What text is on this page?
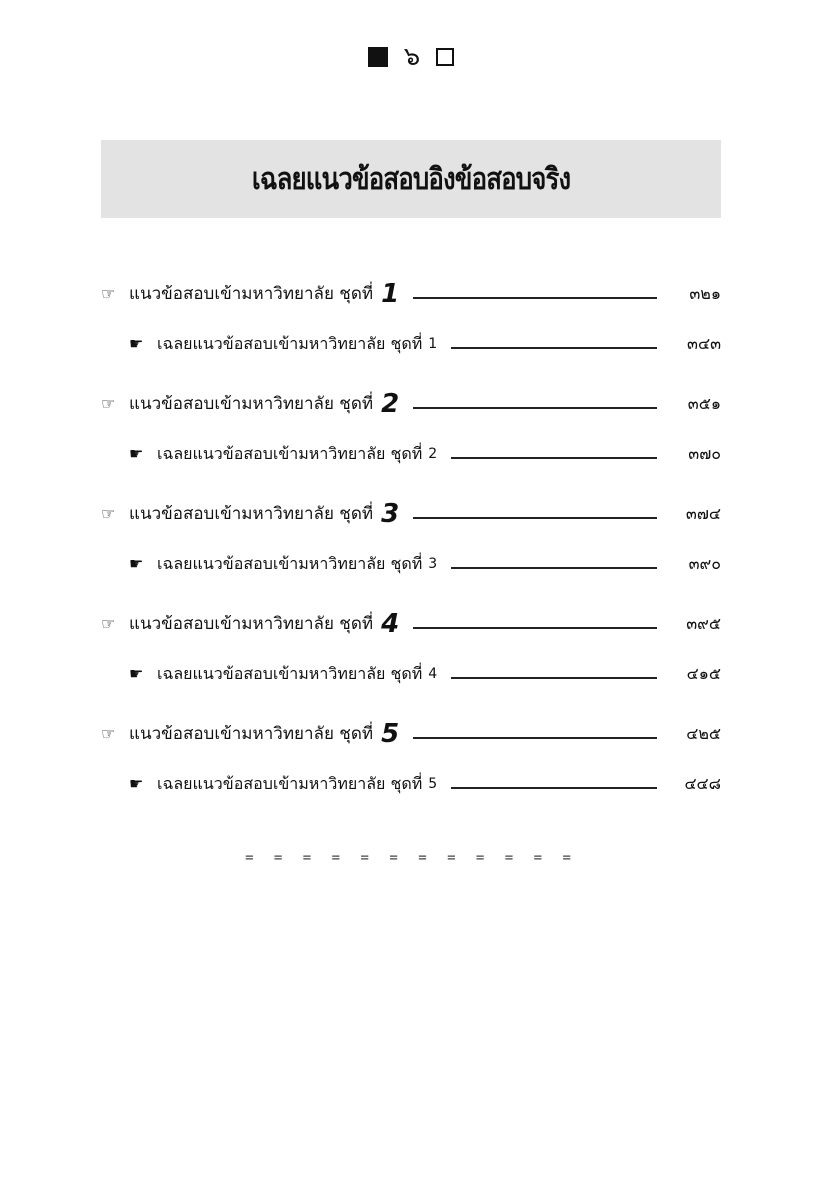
๖
เฉลยแนวข้อสอบอิงข้อสอบจริง
☞ แนวข้อสอบเข้ามหาวิทยาลัย ชุดที่ 1	๓๒๑
☛ เฉลยแนวข้อสอบเข้ามหาวิทยาลัย ชุดที่ 1	๓๔๓
☞ แนวข้อสอบเข้ามหาวิทยาลัย ชุดที่ 2	๓๕๑
☛ เฉลยแนวข้อสอบเข้ามหาวิทยาลัย ชุดที่ 2	๓๗๐
☞ แนวข้อสอบเข้ามหาวิทยาลัย ชุดที่ 3	๓๗๔
☛ เฉลยแนวข้อสอบเข้ามหาวิทยาลัย ชุดที่ 3	๓๙๐
☞ แนวข้อสอบเข้ามหาวิทยาลัย ชุดที่ 4	๓๙๕
☛ เฉลยแนวข้อสอบเข้ามหาวิทยาลัย ชุดที่ 4	๔๑๕
☞ แนวข้อสอบเข้ามหาวิทยาลัย ชุดที่ 5	๔๒๕
☛ เฉลยแนวข้อสอบเข้ามหาวิทยาลัย ชุดที่ 5	๔๔๘
= = = = = = = = = = = =
